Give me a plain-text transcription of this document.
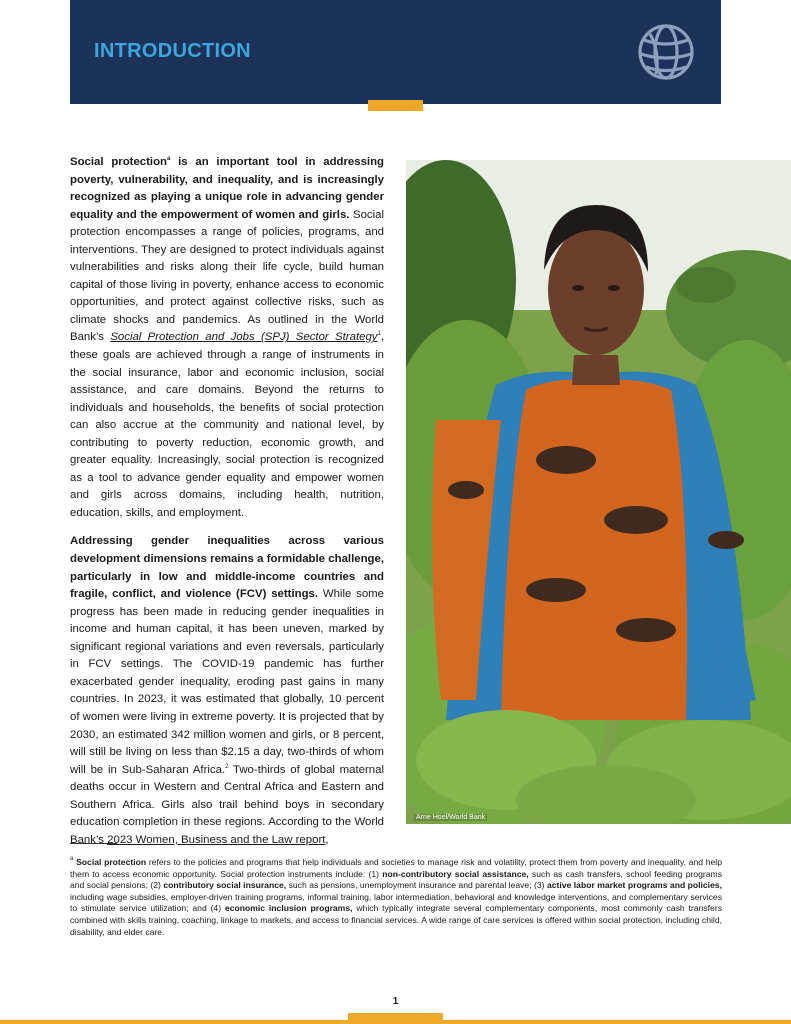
INTRODUCTION

Social protection$^a$ is an important tool in addressing poverty, vulnerability, and inequality, and is increasingly recognized as playing a unique role in advancing gender equality and the empowerment of women and girls. Social protection encompasses a range of policies, programs, and interventions. They are designed to protect individuals against vulnerabilities and risks along their life cycle, build human capital of those living in poverty, enhance access to economic opportunities, and protect against collective risks, such as climate shocks and pandemics. As outlined in the World Bank’s Social Protection and Jobs (SPJ) Sector Strategy$^1$, these goals are achieved through a range of instruments in the social insurance, labor and economic inclusion, social assistance, and care domains. Beyond the returns to individuals and households, the benefits of social protection can also accrue at the community and national level, by contributing to poverty reduction, economic growth, and greater equality. Increasingly, social protection is recognized as a tool to advance gender equality and empower women and girls across domains, including health, nutrition, education, skills, and employment.

Addressing gender inequalities across various development dimensions remains a formidable challenge, particularly in low and middle-income countries and fragile, conflict, and violence (FCV) settings. While some progress has been made in reducing gender inequalities in income and human capital, it has been uneven, marked by significant regional variations and even reversals, particularly in FCV settings. The COVID-19 pandemic has further exacerbated gender inequality, eroding past gains in many countries. In 2023, it was estimated that globally, 10 percent of women were living in extreme poverty. It is projected that by 2030, an estimated 342 million women and girls, or 8 percent, will still be living on less than $2.15 a day, two-thirds of whom will be in Sub-Saharan Africa.$^2$ Two-thirds of global maternal deaths occur in Western and Central Africa and Eastern and Southern Africa. Girls also trail behind boys in secondary education completion in these regions. According to the World Bank’s 2023 Women, Business and the Law report,

Arne Hoel/World Bank
$^a$ Social protection refers to the policies and programs that help individuals and societies to manage risk and volatility, protect them from poverty and inequality, and help them to access economic opportunity. Social protection instruments include: (1) non-contributory social assistance, such as cash transfers, school feeding programs and social pensions; (2) contributory social insurance, such as pensions, unemployment insurance and parental leave; (3) active labor market programs and policies, including wage subsidies, employer-driven training programs, informal training, labor intermediation, behavioral and knowledge interventions, and complementary services to stimulate service utilization; and (4) economic inclusion programs, which typically integrate several complementary components, most commonly cash transfers combined with skills training, coaching, linkage to markets, and access to financial services. A wide range of care services is offered within social protection, including child, disability, and elder care.
1
